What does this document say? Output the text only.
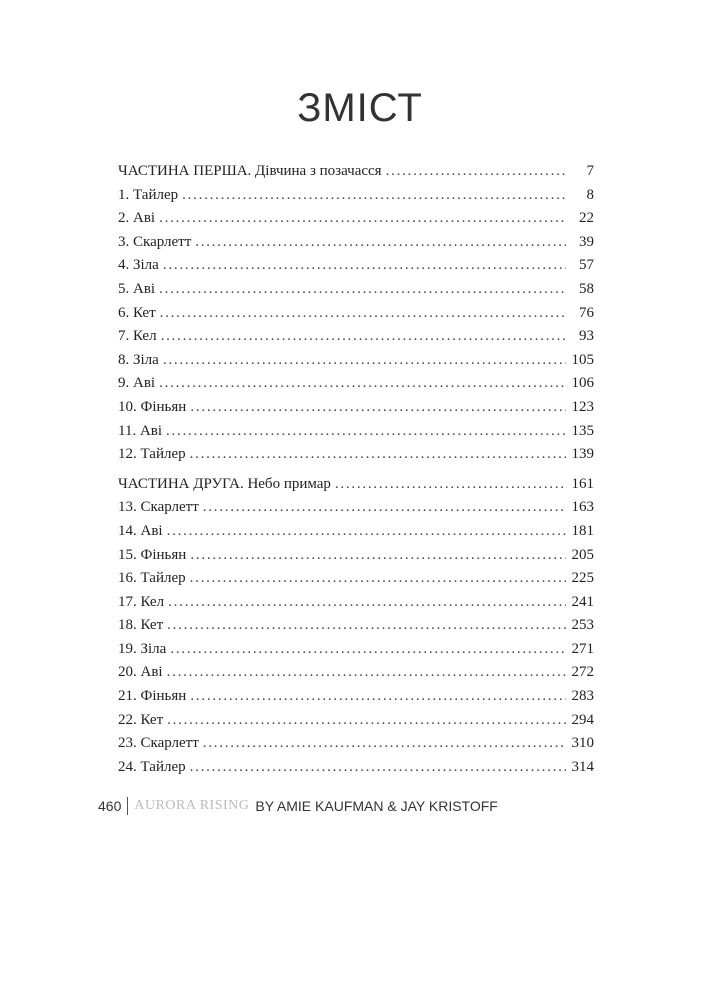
ЗМІСТ
ЧАСТИНА ПЕРША. Дівчина з позачасся . . .	7
1. Тайлер . . .	8
2. Аві . . .	22
3. Скарлетт . . .	39
4. Зіла . . .	57
5. Аві . . .	58
6. Кет . . .	76
7. Кел . . .	93
8. Зіла . . .	105
9. Аві . . .	106
10. Фіньян . . .	123
11. Аві . . .	135
12. Тайлер . . .	139
ЧАСТИНА ДРУГА. Небо примар . . .	161
13. Скарлетт . . .	163
14. Аві . . .	181
15. Фіньян . . .	205
16. Тайлер . . .	225
17. Кел . . .	241
18. Кет . . .	253
19. Зіла . . .	271
20. Аві . . .	272
21. Фіньян . . .	283
22. Кет . . .	294
23. Скарлетт . . .	310
24. Тайлер . . .	314
460 AURORA RISING BY AMIE KAUFMAN & JAY KRISTOFF
